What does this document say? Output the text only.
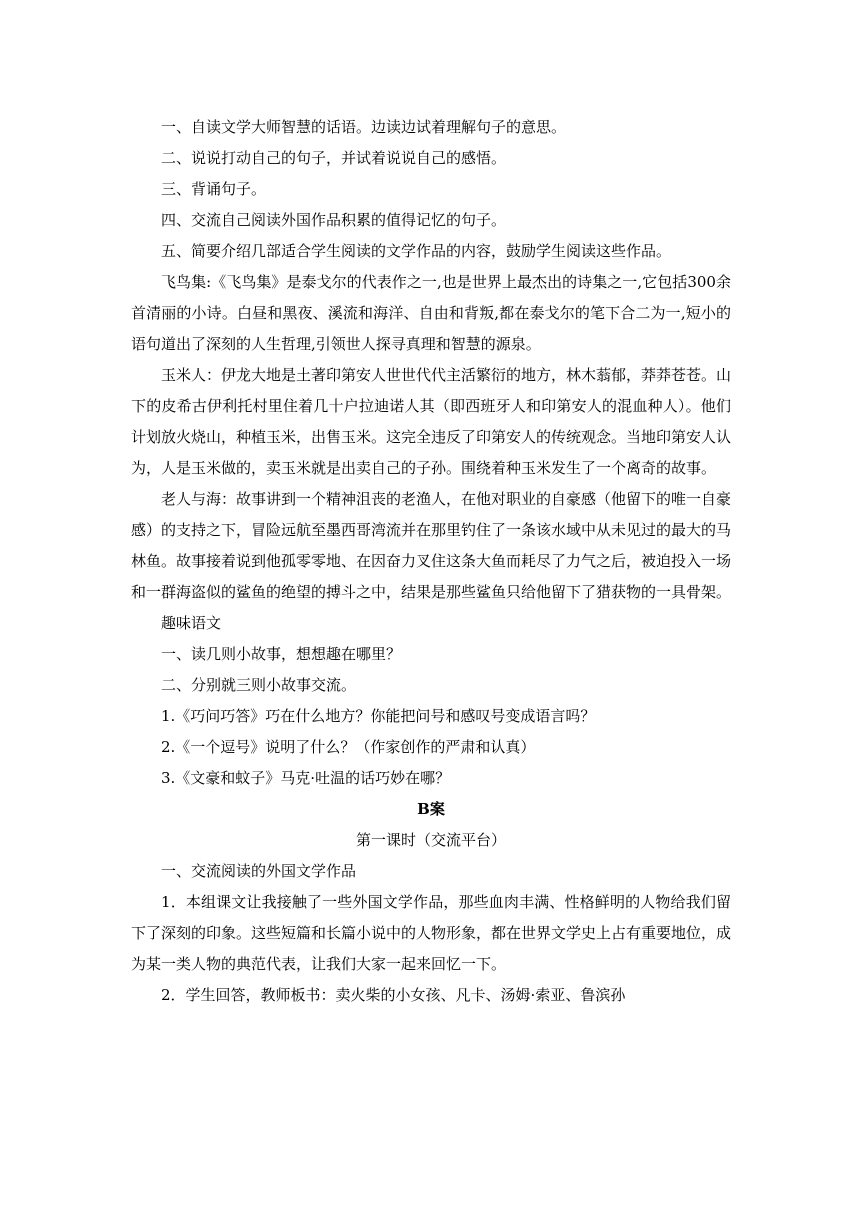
一、自读文学大师智慧的话语。边读边试着理解句子的意思。

二、说说打动自己的句子，并试着说说自己的感悟。

三、背诵句子。

四、交流自己阅读外国作品积累的值得记忆的句子。

五、简要介绍几部适合学生阅读的文学作品的内容，鼓励学生阅读这些作品。

飞鸟集:《飞鸟集》是泰戈尔的代表作之一,也是世界上最杰出的诗集之一,它包括300余首清丽的小诗。白昼和黑夜、溪流和海洋、自由和背叛,都在泰戈尔的笔下合二为一,短小的语句道出了深刻的人生哲理,引领世人探寻真理和智慧的源泉。

玉米人：伊龙大地是土著印第安人世世代代主活繁衍的地方，林木蓊郁，莽莽苍苍。山下的皮希古伊利托村里住着几十户拉迪诺人其（即西班牙人和印第安人的混血种人）。他们计划放火烧山，种植玉米，出售玉米。这完全违反了印第安人的传统观念。当地印第安人认为，人是玉米做的，卖玉米就是出卖自己的子孙。围绕着种玉米发生了一个离奇的故事。

老人与海：故事讲到一个精神沮丧的老渔人，在他对职业的自豪感（他留下的唯一自豪感）的支持之下，冒险远航至墨西哥湾流并在那里钓住了一条该水域中从未见过的最大的马林鱼。故事接着说到他孤零零地、在因奋力叉住这条大鱼而耗尽了力气之后，被迫投入一场和一群海盗似的鲨鱼的绝望的搏斗之中，结果是那些鲨鱼只给他留下了猎获物的一具骨架。

趣味语文

一、读几则小故事，想想趣在哪里？

二、分别就三则小故事交流。

1.《巧问巧答》巧在什么地方？你能把问号和感叹号变成语言吗？

2.《一个逗号》说明了什么？（作家创作的严肃和认真）

3.《文豪和蚊子》马克·吐温的话巧妙在哪？

B案

第一课时（交流平台）

一、交流阅读的外国文学作品

1．本组课文让我接触了一些外国文学作品，那些血肉丰满、性格鲜明的人物给我们留下了深刻的印象。这些短篇和长篇小说中的人物形象，都在世界文学史上占有重要地位，成为某一类人物的典范代表，让我们大家一起来回忆一下。

2．学生回答，教师板书：卖火柴的小女孩、凡卡、汤姆·索亚、鲁滨孙
